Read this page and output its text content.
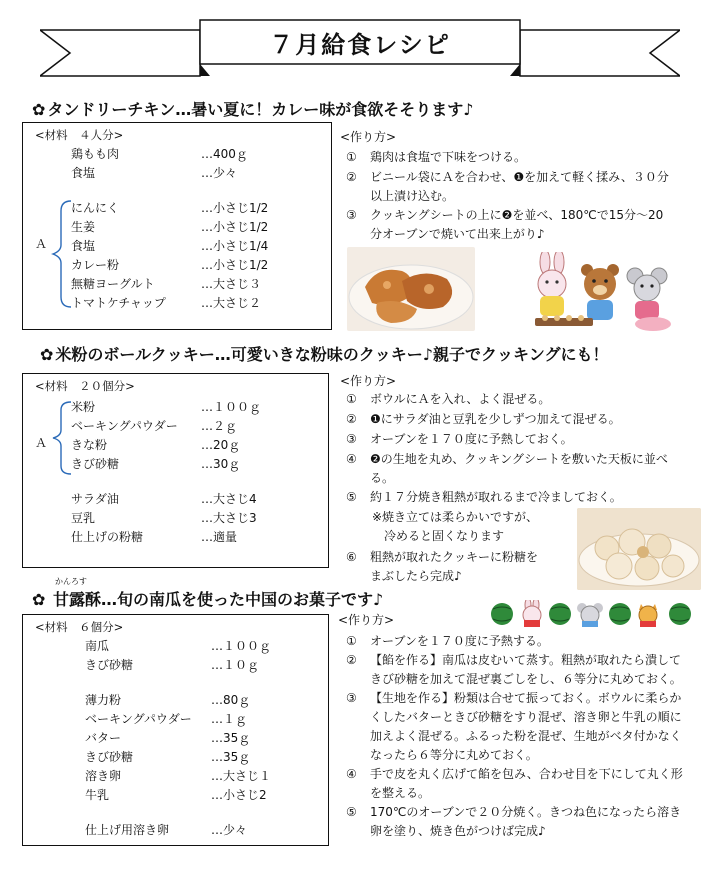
７月給食レシピ
✿ タンドリーチキン…暑い夏に！カレー味が食欲そそります♪
<材料　４人分>
鶏もも肉	…400ｇ
食塩	…少々
Ａ
にんにく	…小さじ1/2
生姜	…小さじ1/2
食塩	…小さじ1/4
カレー粉	…小さじ1/2
無糖ヨーグルト	…大さじ３
トマトケチャップ	…大さじ２
<作り方>
① 鶏肉は食塩で下味をつける。
② ビニール袋にＡを合わせ、❶を加えて軽く揉み、３０分
以上漬け込む。
③ クッキングシートの上に❷を並べ、180℃で15分～20
分オーブンで焼いて出来上がり♪
✿ 米粉のボールクッキー…可愛いきな粉味のクッキー♪親子でクッキングにも！
<材料　２０個分>
Ａ
米粉	…１００ｇ
ベーキングパウダー …２ｇ
きな粉	…20ｇ
きび砂糖	…30ｇ
サラダ油	…大さじ4
豆乳	…大さじ3
仕上げの粉糖	…適量
<作り方>
① ボウルにＡを入れ、よく混ぜる。
② ❶にサラダ油と豆乳を少しずつ加えて混ぜる。
③ オーブンを１７０度に予熱しておく。
④ ❷の生地を丸め、クッキングシートを敷いた天板に並べ
る。
⑤ 約１７分焼き粗熱が取れるまで冷ましておく。
※焼き立ては柔らかいですが、
冷めると固くなります
⑥ 粗熱が取れたクッキーに粉糖を
まぶしたら完成♪
✿
かんろす
甘露酥…旬の南瓜を使った中国のお菓子です♪
<材料　６個分>
南瓜	…１００ｇ
きび砂糖	…１０ｇ
薄力粉	…80ｇ
ベーキングパウダー …１ｇ
バター	…35ｇ
きび砂糖	…35ｇ
溶き卵	…大さじ１
牛乳	…小さじ2
仕上げ用溶き卵	…少々
<作り方>
① オーブンを１７０度に予熱する。
② 【餡を作る】南瓜は皮むいて蒸す。粗熱が取れたら潰して
きび砂糖を加えて混ぜ裏ごしをし、６等分に丸めておく。
③ 【生地を作る】粉類は合せて振っておく。ボウルに柔らか
くしたバターときび砂糖をすり混ぜ、溶き卵と牛乳の順に
加えよく混ぜる。ふるった粉を混ぜ、生地がベタ付かなく
なったら６等分に丸めておく。
④ 手で皮を丸く広げて餡を包み、合わせ目を下にして丸く形
を整える。
⑤ 170℃のオーブンで２０分焼く。きつね色になったら溶き
卵を塗り、焼き色がつけば完成♪
